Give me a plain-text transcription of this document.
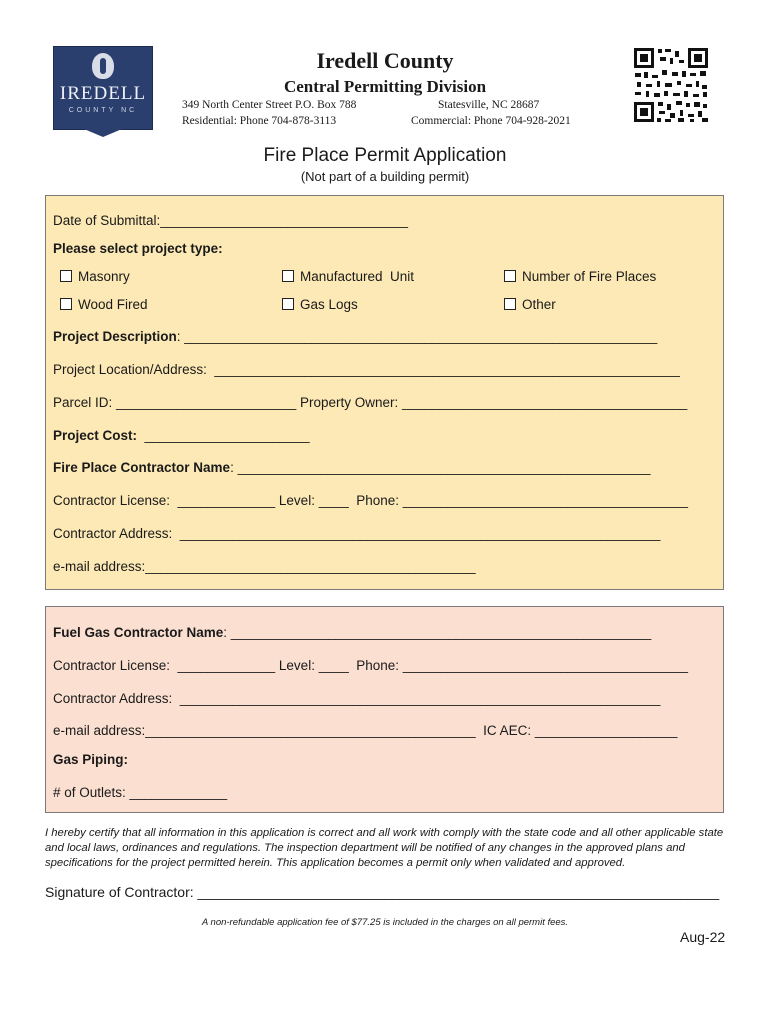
IREDELL
COUNTY NC
Iredell County
Central Permitting Division
349 North Center Street P.O. Box 788	Statesville, NC 28687
Residential: Phone 704-878-3113	Commercial: Phone 704-928-2021
Fire Place Permit Application
(Not part of a building permit)
Date of Submittal:_________________________________
Please select project type:
Masonry	Manufactured  Unit	Number of Fire Places
Wood Fired	Gas Logs	Other
Project Description: _______________________________________________________________
Project Location/Address:  ______________________________________________________________
Parcel ID: ________________________ Property Owner: ______________________________________
Project Cost:  ______________________
Fire Place Contractor Name: _______________________________________________________
Contractor License:  _____________ Level: ____  Phone: ______________________________________
Contractor Address:  ________________________________________________________________
e-mail address:____________________________________________
Fuel Gas Contractor Name: ________________________________________________________
Contractor License:  _____________ Level: ____  Phone: ______________________________________
Contractor Address:  ________________________________________________________________
e-mail address:____________________________________________  IC AEC: ___________________
Gas Piping:
# of Outlets: _____________
I hereby certify that all information in this application is correct and all work with comply with the state code and all other applicable state and local laws, ordinances and regulations. The inspection department will be notified of any changes in the approved plans and specifications for the project permitted herein. This application becomes a permit only when validated and approved.
Signature of Contractor: ___________________________________________________________________
A non-refundable application fee of $77.25 is included in the charges on all permit fees.
Aug-22
